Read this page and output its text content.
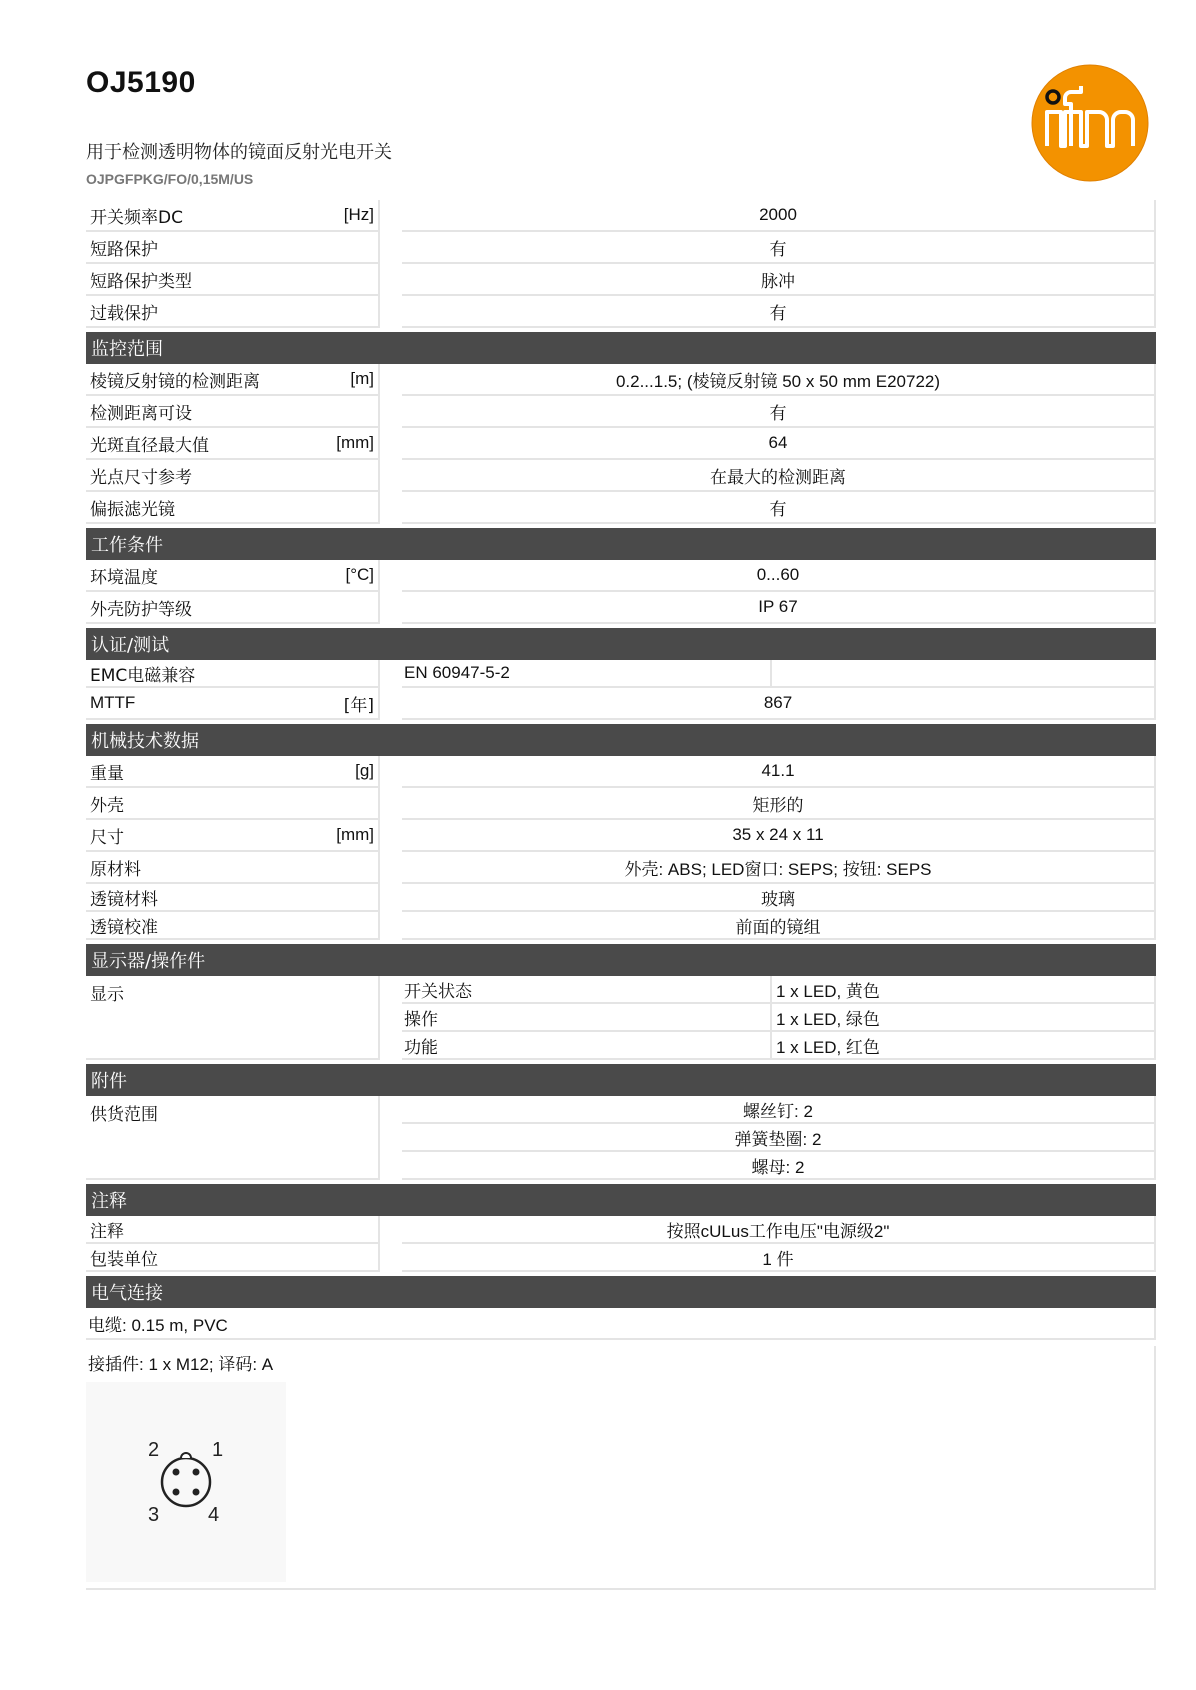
OJ5190
用于检测透明物体的镜面反射光电开关
OJPGFPKG/FO/0,15M/US
开关频率DC	[Hz]	2000
短路保护	有
短路保护类型	脉冲
过载保护	有
监控范围
棱镜反射镜的检测距离	[m]	0.2...1.5; (棱镜反射镜 50 x 50 mm E20722)
检测距离可设	有
光斑直径最大值	[mm]	64
光点尺寸参考	在最大的检测距离
偏振滤光镜	有
工作条件
环境温度	[°C]	0...60
外壳防护等级	IP 67
认证/测试
EMC电磁兼容	EN 60947-5-2
MTTF	[年]	867
机械技术数据
重量	[g]	41.1
外壳	矩形的
尺寸	[mm]	35 x 24 x 11
原材料	外壳: ABS; LED窗口: SEPS; 按钮: SEPS
透镜材料	玻璃
透镜校准	前面的镜组
显示器/操作件
显示	开关状态	1 x LED, 黄色
操作	1 x LED, 绿色
功能	1 x LED, 红色
附件
供货范围	螺丝钉: 2
弹簧垫圈: 2
螺母: 2
注释
注释	按照cULus工作电压"电源级2"
包装单位	1 件
电气连接
电缆: 0.15 m, PVC
接插件: 1 x M12; 译码: A
2	1
3 4
